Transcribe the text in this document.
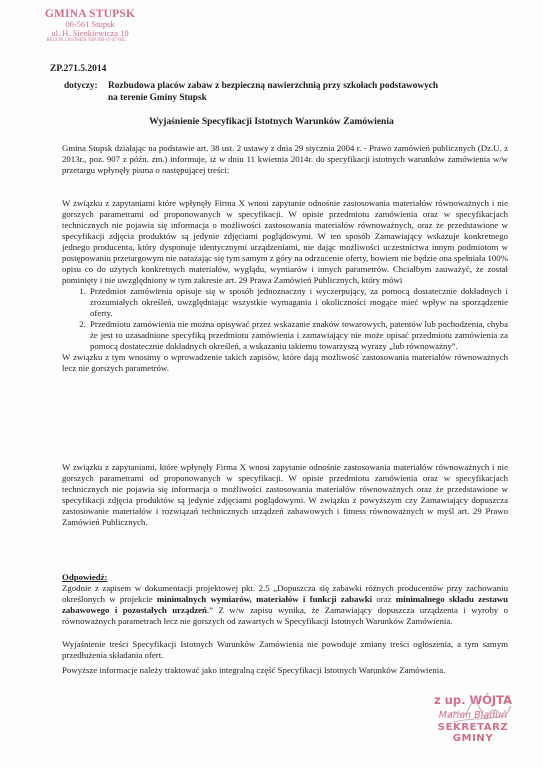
GMINA STUPSK
06-561 Stupsk
ul. H. Sienkiewicza 10
REGON 130378456, NIP 569-17-47-045
ZP.271.5.2014
dotyczy: Rozbudowa placów zabaw z bezpieczną nawierzchnią przy szkołach podstawowych
na terenie Gminy Stupsk
Wyjaśnienie Specyfikacji Istotnych Warunków Zamówienia
Gmina Stupsk działając na podstawie art. 38 ust. 2 ustawy z dnia 29 stycznia 2004 r. - Prawo zamówień publicznych (Dz.U. z 2013r., poz. 907 z późn. zm.) informuje, iż w dniu 11 kwietnia 2014r. do specyfikacji istotnych warunków zamówienia w/w przetargu wpłynęły pisma o następującej treści:

W związku z zapytaniami które wpłynęły Firma X wnosi zapytanie odnośnie zastosowania materiałów równoważnych i nie gorszych parametrami od proponowanych w specyfikacji. W opisie przedmiotu zamówienia oraz w specyfikacjach technicznych nie pojawia się informacja o możliwości zastosowania materiałów równoważnych, oraz że przedstawione w specyfikacji zdjęcia produktów są jedynie zdjęciami poglądowymi. W ten sposób Zamawiający wskazuje konkretnego jednego producenta, który dysponuje identycznymi urządzeniami, nie dając możliwości uczestnictwa innym podmiotom w postępowaniu przetargowym nie narażając się tym samym z góry na odrzucenie oferty, bowiem nie będzie ona spełniała 100% opisu co do użytych konkretnych materiałów, wyglądu, wymiarów i innych parametrów. Chciałbym zauważyć, że został pominięty i nie uwzględniony w tym zakresie art. 29 Prawa Zamówień Publicznych, który mówi

1. Przedmiot zamówienia opisuje się w sposób jednoznaczny i wyczerpujący, za pomocą dostatecznie dokładnych i zrozumiałych określeń, uwzględniając wszystkie wymagania i okoliczności mogące mieć wpływ na sporządzenie oferty.
2. Przedmiotu zamówienia nie można opisywać przez wskazanie znaków towarowych, patentów lub pochodzenia, chyba że jest to uzasadnione specyfiką przedmiotu zamówienia i zamawiający nie może opisać przedmiotu zamówienia za pomocą dostatecznie dokładnych określeń, a wskazaniu takiemu towarzyszą wyrazy „lub równoważny”.

W związku z tym wnosimy o wprowadzenie takich zapisów, które dają możliwość zastosowania materiałów równoważnych lecz nie gorszych parametrów.

W związku z zapytaniami, które wpłynęły Firma X wnosi zapytanie odnośnie zastosowania materiałów równoważnych i nie gorszych parametrami od proponowanych w specyfikacji. W opisie przedmiotu zamówienia oraz w specyfikacjach technicznych nie pojawia się informacja o możliwości zastosowania materiałów równoważnych oraz że przedstawione w specyfikacji zdjęcia produktów są jedynie zdjęciami poglądowymi. W związku z powyższym czy Zamawiający dopuszcza zastosowanie materiałów i rozwiązań technicznych urządzeń zabawowych i fitness równoważnych w myśl art. 29 Prawo Zamówień Publicznych.

Odpowiedź:

Zgodnie z zapisem w dokumentacji projektowej pkt. 2.5 „Dopuszcza się zabawki różnych producentów przy zachowaniu określonych w projekcie minimalnych wymiarów, materiałów i funkcji zabawki oraz minimalnego składu zestawu zabawowego i pozostałych urządzeń.” Z w/w zapisu wynika, że Zamawiający dopuszcza urządzenia i wyroby o równoważnych parametrach lecz nie gorszych od zawartych w Specyfikacji Istotnych Warunków Zamówienia.

Wyjaśnienie treści Specyfikacji Istotnych Warunków Zamówienia nie powoduje zmiany treści ogłoszenia, a tym samym przedłużenia składania ofert.
Powyższe informacje należy traktować jako integralną część Specyfikacji Istotnych Warunków Zamówienia.
z up. WÓJTA
Marian Bladuń
SEKRETARZ GMINY
